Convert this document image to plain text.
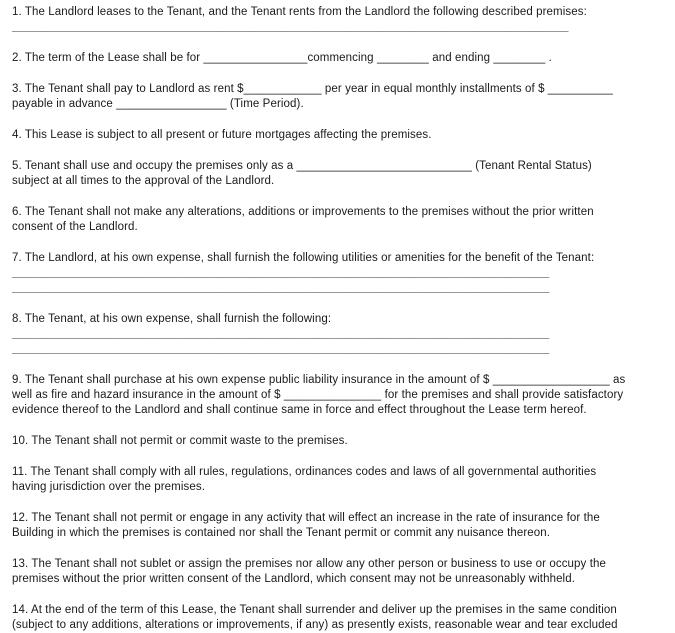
1. The Landlord leases to the Tenant, and the Tenant rents from the Landlord the following described premises:
_______________________________________________________________________________________

2. The term of the Lease shall be for ________________commencing ________ and ending ________ .

3. The Tenant shall pay to Landlord as rent $____________ per year in equal monthly installments of $ __________
payable in advance _________________ (Time Period).

4. This Lease is subject to all present or future mortgages affecting the premises.

5. Tenant shall use and occupy the premises only as a ___________________________ (Tenant Rental Status)
subject at all times to the approval of the Landlord.

6. The Tenant shall not make any alterations, additions or improvements to the premises without the prior written
consent of the Landlord.

7. The Landlord, at his own expense, shall furnish the following utilities or amenities for the benefit of the Tenant:
____________________________________________________________________________________
____________________________________________________________________________________

8. The Tenant, at his own expense, shall furnish the following:
____________________________________________________________________________________
____________________________________________________________________________________

9. The Tenant shall purchase at his own expense public liability insurance in the amount of $ __________________ as
well as fire and hazard insurance in the amount of $ _______________ for the premises and shall provide satisfactory
evidence thereof to the Landlord and shall continue same in force and effect throughout the Lease term hereof.

10. The Tenant shall not permit or commit waste to the premises.

11. The Tenant shall comply with all rules, regulations, ordinances codes and laws of all governmental authorities
having jurisdiction over the premises.

12. The Tenant shall not permit or engage in any activity that will effect an increase in the rate of insurance for the
Building in which the premises is contained nor shall the Tenant permit or commit any nuisance thereon.

13. The Tenant shall not sublet or assign the premises nor allow any other person or business to use or occupy the
premises without the prior written consent of the Landlord, which consent may not be unreasonably withheld.

14. At the end of the term of this Lease, the Tenant shall surrender and deliver up the premises in the same condition
(subject to any additions, alterations or improvements, if any) as presently exists, reasonable wear and tear excluded
